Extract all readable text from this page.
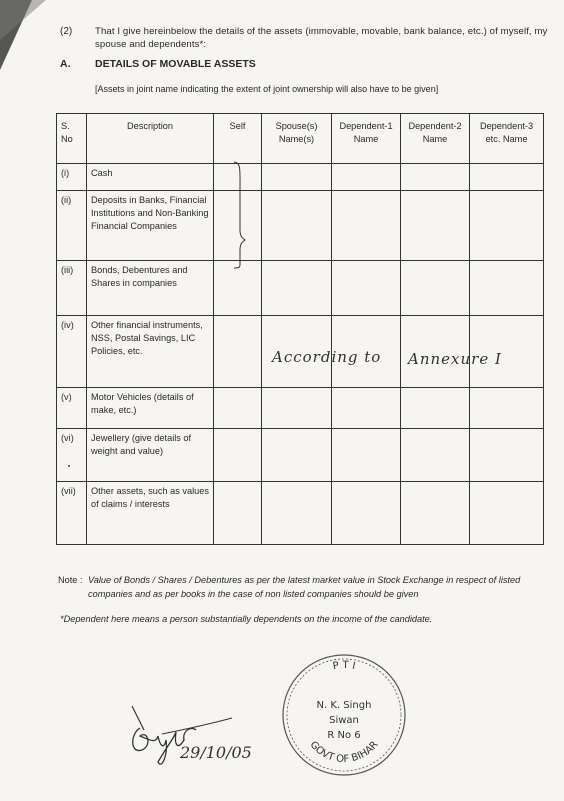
(2) That I give hereinbelow the details of the assets (immovable, movable, bank balance, etc.) of myself, my spouse and dependents*:
A. DETAILS OF MOVABLE ASSETS
[Assets in joint name indicating the extent of joint ownership will also have to be given]
S. No	Description	Self	Spouse(s) Name(s)	Dependent-1 Name	Dependent-2 Name	Dependent-3 etc. Name
(i)	Cash					
(ii)	Deposits in Banks, Financial Institutions and Non-Banking Financial Companies					
(iii)	Bonds, Debentures and Shares in companies					
(iv)	Other financial instruments, NSS, Postal Savings, LIC Policies, etc.					
(v)	Motor Vehicles (details of make, etc.)					
(vi)	Jewellery (give details of weight and value)					
(vii)	Other assets, such as values of claims / interests					
According to Annexure I
Note : Value of Bonds / Shares / Debentures as per the latest market value in Stock Exchange in respect of listed companies and as per books in the case of non listed companies should be given
*Dependent here means a person substantially dependents on the income of the candidate.
P T I
GOVT OF BIHAR
N. K. Singh
Siwan
R No 6
29/10/05
